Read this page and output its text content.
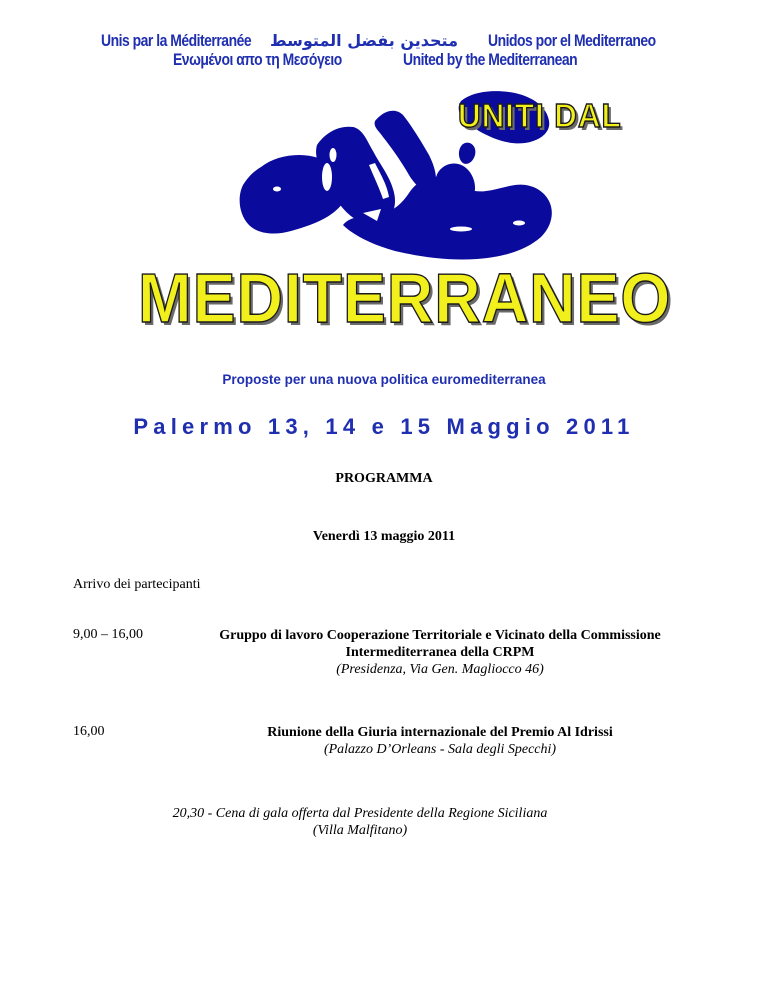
Unis par la Méditerranée متحدين بفضل المتوسط Unidos por el Mediterraneo
Ενωμένοι απο τη Μεσόγειο	United by the Mediterranean
UNITI DAL
MEDITERRANEO
Proposte per una nuova politica euromediterranea
Palermo 13, 14 e 15 Maggio 2011
PROGRAMMA
Venerdì 13 maggio 2011
Arrivo dei partecipanti
9,00 – 16,00	Gruppo di lavoro Cooperazione Territoriale e Vicinato della Commissione
Intermediterranea della CRPM
(Presidenza, Via Gen. Magliocco 46)
16,00	Riunione della Giuria internazionale del Premio Al Idrissi
(Palazzo D’Orleans - Sala degli Specchi)
20,30 - Cena di gala offerta dal Presidente della Regione Siciliana
(Villa Malfitano)
